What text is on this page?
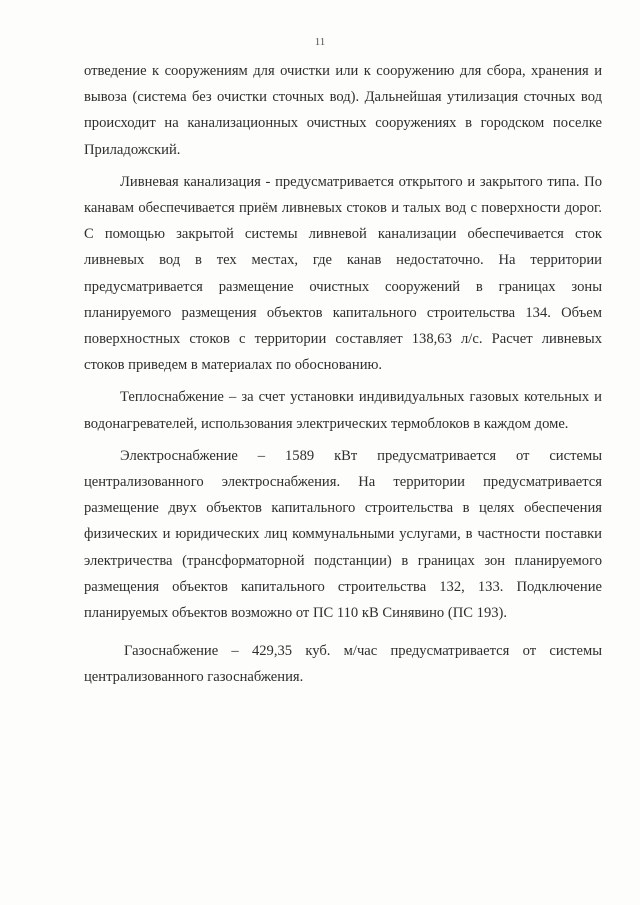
11

отведение к сооружениям для очистки или к сооружению для сбора, хранения и вывоза (система без очистки сточных вод). Дальнейшая утилизация сточных вод происходит на канализационных очистных сооружениях в городском поселке Приладожский.

Ливневая канализация - предусматривается открытого и закрытого типа. По канавам обеспечивается приём ливневых стоков и талых вод с поверхности дорог. С помощью закрытой системы ливневой канализации обеспечивается сток ливневых вод в тех местах, где канав недостаточно. На территории предусматривается размещение очистных сооружений в границах зоны планируемого размещения объектов капитального строительства 134. Объем поверхностных стоков с территории составляет 138,63 л/с. Расчет ливневых стоков приведем в материалах по обоснованию.

Теплоснабжение – за счет установки индивидуальных газовых котельных и водонагревателей, использования электрических термоблоков в каждом доме.

Электроснабжение – 1589 кВт предусматривается от системы централизованного электроснабжения. На территории предусматривается размещение двух объектов капитального строительства в целях обеспечения физических и юридических лиц коммунальными услугами, в частности поставки электричества (трансформаторной подстанции) в границах зон планируемого размещения объектов капитального строительства 132, 133. Подключение планируемых объектов возможно от ПС 110 кВ Синявино (ПС 193).

Газоснабжение – 429,35 куб. м/час предусматривается от системы централизованного газоснабжения.
